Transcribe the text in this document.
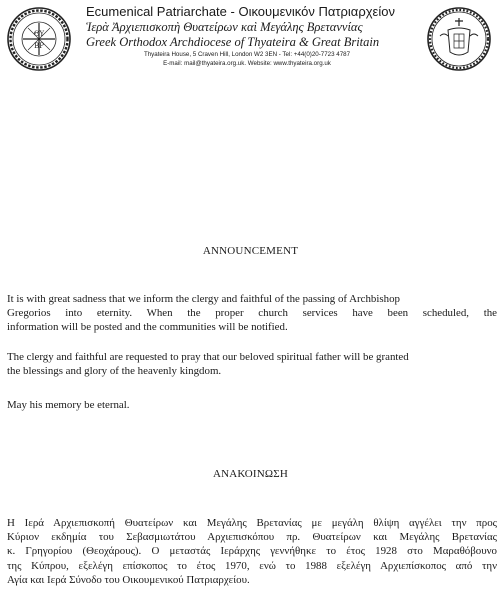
ΘΥ
ΒΡ
Ecumenical Patriarchate - Οικουμενικόν Πατριαρχείον
Ἱερὰ Ἀρχιεπισκοπὴ Θυατείρων καὶ Μεγάλης Βρεταννίας
Greek Orthodox Archdiocese of Thyateira & Great Britain
Thyateira House, 5 Craven Hill, London W2 3EN - Tel: +44(0)20-7723 4787
E-mail: mail@thyateira.org.uk. Website: www.thyateira.org.uk
ANNOUNCEMENT
It is with great sadness that we inform the clergy and faithful of the passing of Archbishop
Gregorios into eternity. When the proper church services have been scheduled, the
information will be posted and the communities will be notified.
The clergy and faithful are requested to pray that our beloved spiritual father will be granted
the blessings and glory of the heavenly kingdom.
May his memory be eternal.
ΑΝΑΚΟΙΝΩΣΗ
Η Ιερά Αρχιεπισκοπή Θυατείρων και Μεγάλης Βρετανίας με μεγάλη θλίψη αγγέλει την προς
Κύριον εκδημία του Σεβασμιωτάτου Αρχιεπισκόπου πρ. Θυατείρων και Μεγάλης Βρετανίας
κ. Γρηγορίου (Θεοχάρους). Ο μεταστάς Ιεράρχης γεννήθηκε το έτος 1928 στο Μαραθόβουνο
της Κύπρου, εξελέγη επίσκοπος το έτος 1970, ενώ το 1988 εξελέγη Αρχιεπίσκοπος από την
Αγία και Ιερά Σύνοδο του Οικουμενικού Πατριαρχείου.
